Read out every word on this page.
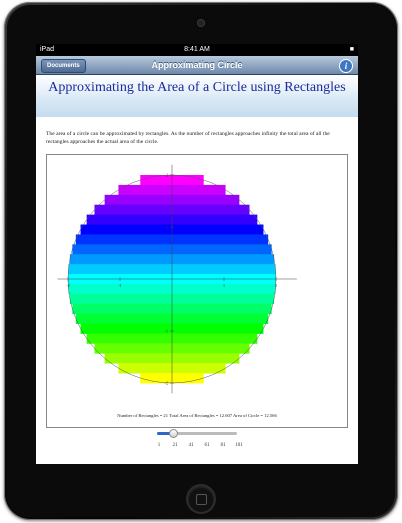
iPad	8:41 AM	■
Documents	Approximating Circle	i
Approximating the Area of a Circle using Rectangles
The area of a circle can be approximated by rectangles. As the number of rectangles approaches infinity the total area of all the rectangles approaches the actual area of the circle.
-2	-1	1	2
2
1
-1
-2
Number of Rectangles = 21 Total Area of Rectangles = 12.607 Area of Circle = 12.566
1 21 41 61 81 101
